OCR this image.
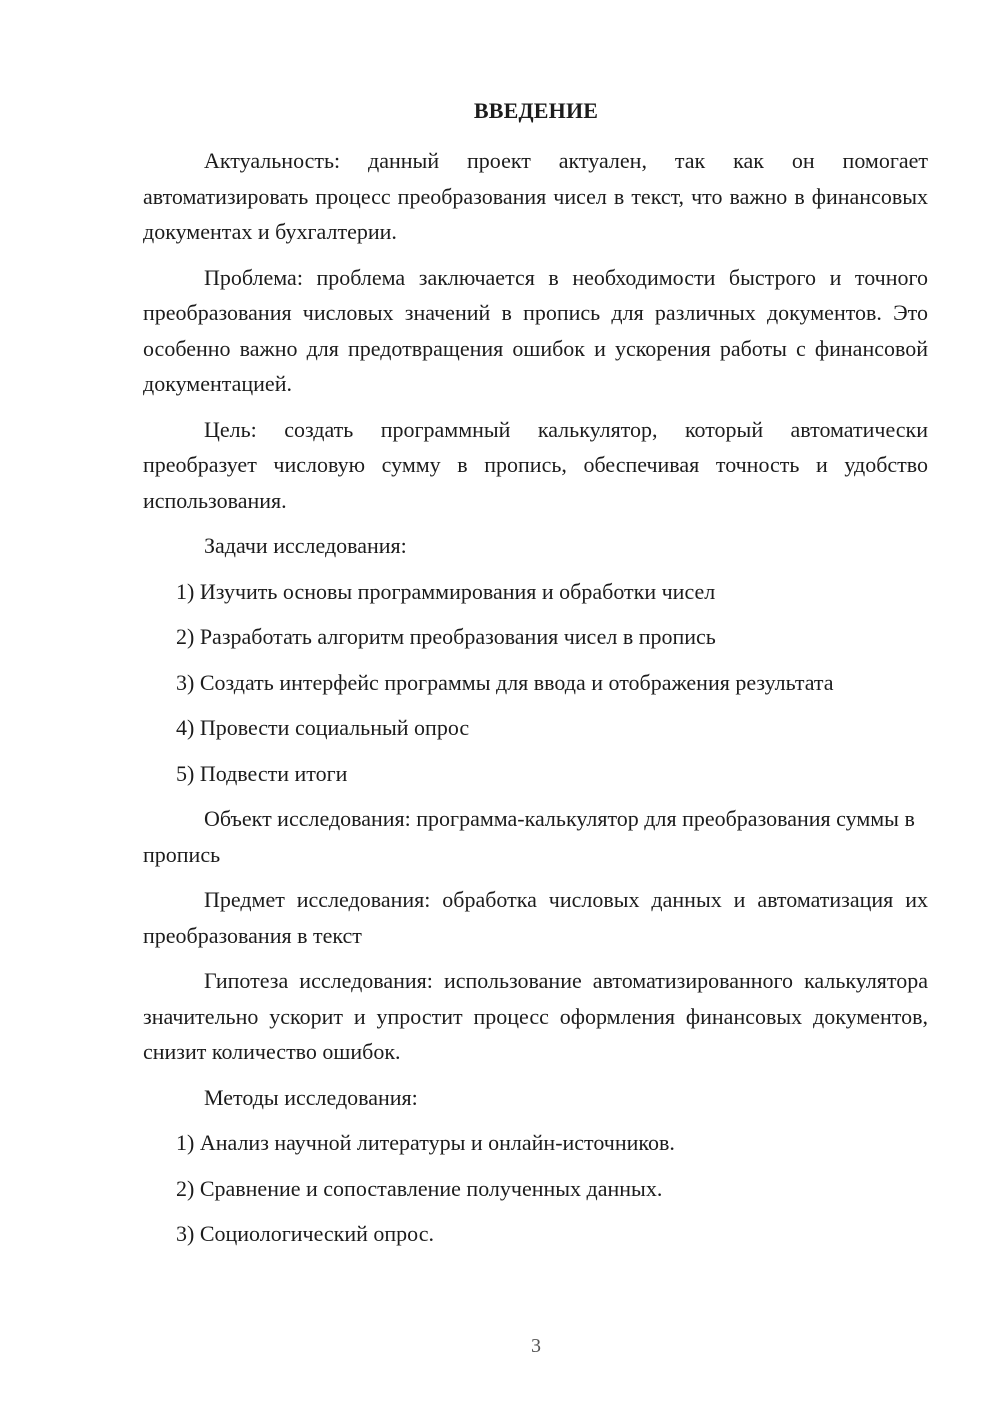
ВВЕДЕНИЕ

Актуальность: данный проект актуален, так как он помогает автоматизировать процесс преобразования чисел в текст, что важно в финансовых документах и бухгалтерии.

Проблема: проблема заключается в необходимости быстрого и точного преобразования числовых значений в пропись для различных документов. Это особенно важно для предотвращения ошибок и ускорения работы с финансовой документацией.

Цель: создать программный калькулятор, который автоматически преобразует числовую сумму в пропись, обеспечивая точность и удобство использования.

Задачи исследования:

1) Изучить основы программирования и обработки чисел
2) Разработать алгоритм преобразования чисел в пропись
3) Создать интерфейс программы для ввода и отображения результата
4) Провести социальный опрос
5) Подвести итоги

Объект исследования: программа-калькулятор для преобразования суммы в пропись

Предмет исследования: обработка числовых данных и автоматизация их преобразования в текст

Гипотеза исследования: использование автоматизированного калькулятора значительно ускорит и упростит процесс оформления финансовых документов, снизит количество ошибок.

Методы исследования:

1) Анализ научной литературы и онлайн-источников.
2) Сравнение и сопоставление полученных данных.
3) Социологический опрос.
3
